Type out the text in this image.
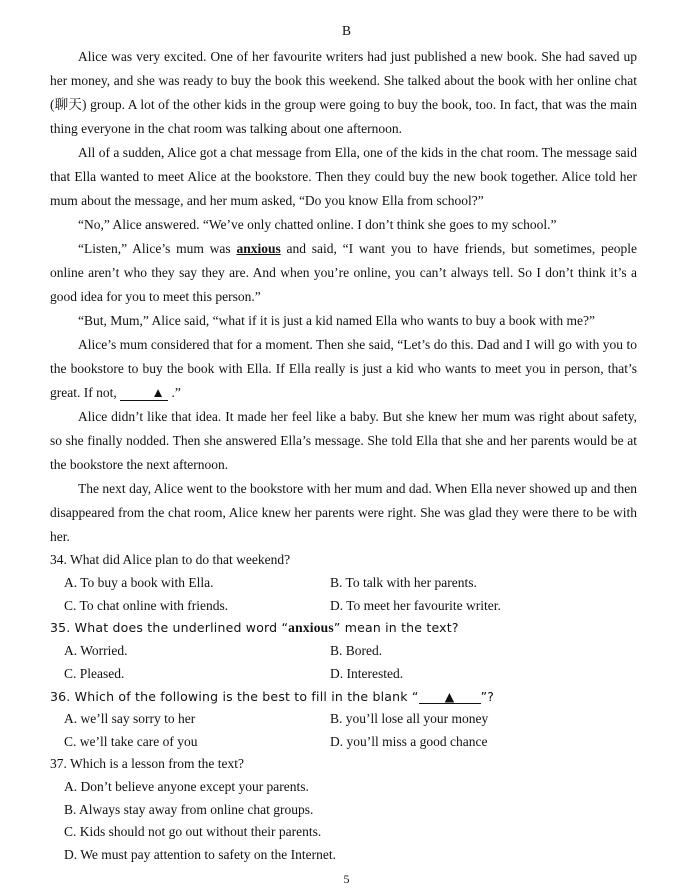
B
Alice was very excited. One of her favourite writers had just published a new book. She had saved up her money, and she was ready to buy the book this weekend. She talked about the book with her online chat (聊天) group. A lot of the other kids in the group were going to buy the book, too. In fact, that was the main thing everyone in the chat room was talking about one afternoon.
All of a sudden, Alice got a chat message from Ella, one of the kids in the chat room. The message said that Ella wanted to meet Alice at the bookstore. Then they could buy the new book together. Alice told her mum about the message, and her mum asked, “Do you know Ella from school?”
“No,” Alice answered. “We’ve only chatted online. I don’t think she goes to my school.”
“Listen,” Alice’s mum was anxious and said, “I want you to have friends, but sometimes, people online aren’t who they say they are. And when you’re online, you can’t always tell. So I don’t think it’s a good idea for you to meet this person.”
“But, Mum,” Alice said, “what if it is just a kid named Ella who wants to buy a book with me?”
Alice’s mum considered that for a moment. Then she said, “Let’s do this. Dad and I will go with you to the bookstore to buy the book with Ella. If Ella really is just a kid who wants to meet you in person, that’s great. If not, ▲ .”
Alice didn’t like that idea. It made her feel like a baby. But she knew her mum was right about safety, so she finally nodded. Then she answered Ella’s message. She told Ella that she and her parents would be at the bookstore the next afternoon.
The next day, Alice went to the bookstore with her mum and dad. When Ella never showed up and then disappeared from the chat room, Alice knew her parents were right. She was glad they were there to be with her.
34. What did Alice plan to do that weekend?
A. To buy a book with Ella.	B. To talk with her parents.
C. To chat online with friends.	D. To meet her favourite writer.
35. What does the underlined word “anxious” mean in the text?
A. Worried.	B. Bored.
C. Pleased.	D. Interested.
36. Which of the following is the best to fill in the blank “ ▲ ”?
A. we’ll say sorry to her	B. you’ll lose all your money
C. we’ll take care of you	D. you’ll miss a good chance
37. Which is a lesson from the text?
A. Don’t believe anyone except your parents.
B. Always stay away from online chat groups.
C. Kids should not go out without their parents.
D. We must pay attention to safety on the Internet.
5
